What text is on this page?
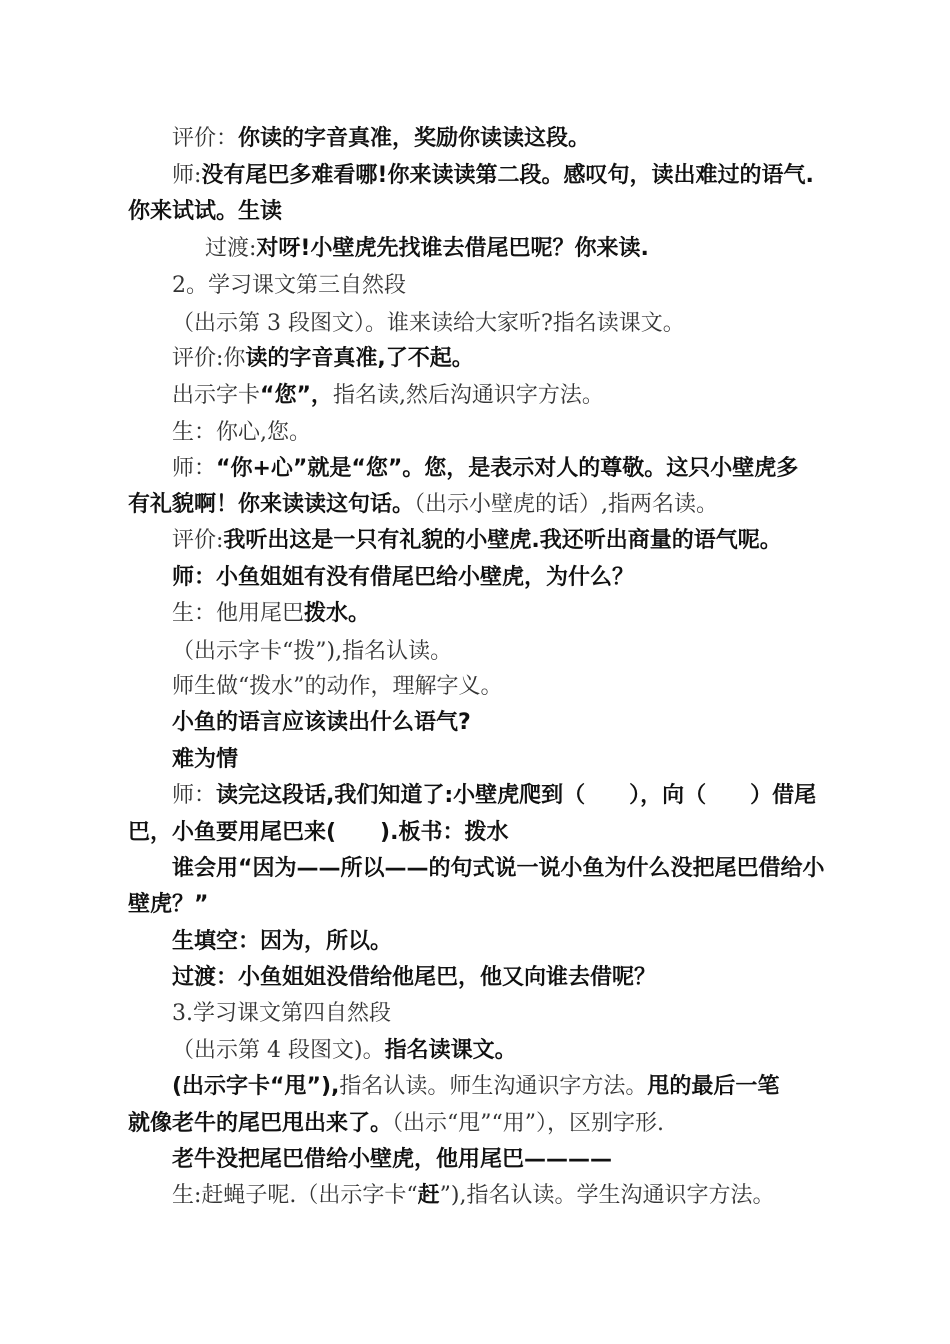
评价：你读的字音真准，奖励你读读这段。
师:没有尾巴多难看哪!你来读读第二段。感叹句，读出难过的语气.
你来试试。生读
过渡:对呀!小壁虎先找谁去借尾巴呢？你来读.
2。学习课文第三自然段
（出示第 3 段图文）。谁来读给大家听?指名读课文。
评价:你读的字音真准,了不起。
出示字卡“您”，指名读,然后沟通识字方法。
生：你心,您。
师：“你+心”就是“您”。您，是表示对人的尊敬。这只小壁虎多
有礼貌啊！你来读读这句话。（出示小壁虎的话）,指两名读。
评价:我听出这是一只有礼貌的小壁虎.我还听出商量的语气呢。
师：小鱼姐姐有没有借尾巴给小壁虎，为什么？
生：他用尾巴拨水。
（出示字卡“拨”),指名认读。
师生做“拨水”的动作，理解字义。
小鱼的语言应该读出什么语气?
难为情
师：读完这段话,我们知道了:小壁虎爬到（　　），向（　　）借尾
巴，小鱼要用尾巴来(　　).板书：拨水
谁会用“因为——所以——的句式说一说小鱼为什么没把尾巴借给小
壁虎？”
生填空：因为，所以。
过渡：小鱼姐姐没借给他尾巴，他又向谁去借呢？
3.学习课文第四自然段
（出示第 4 段图文)。指名读课文。
(出示字卡“甩”),指名认读。师生沟通识字方法。甩的最后一笔
就像老牛的尾巴甩出来了。（出示“甩”“用”），区别字形.
老牛没把尾巴借给小壁虎，他用尾巴————
生:赶蝇子呢.（出示字卡“赶”),指名认读。学生沟通识字方法。
